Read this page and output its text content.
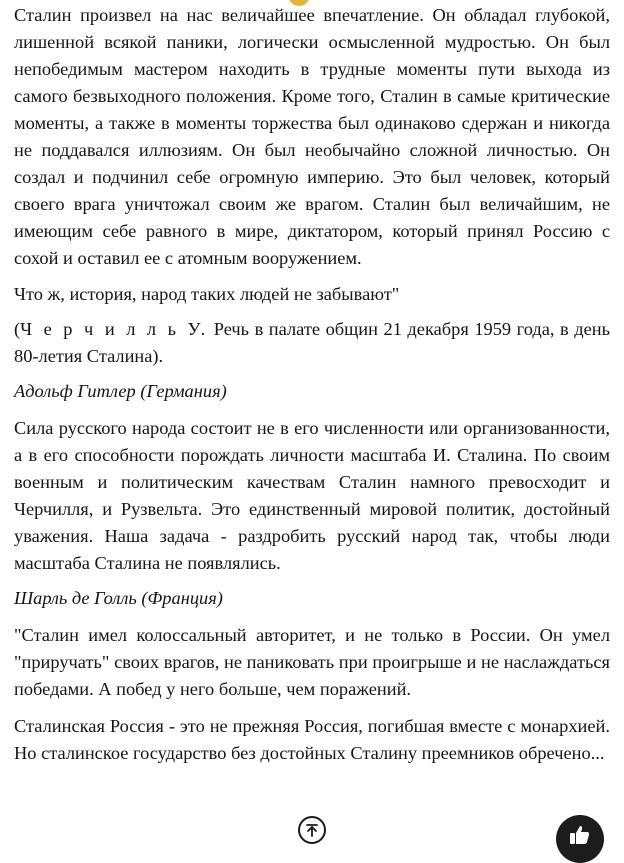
Сталин произвел на нас величайшее впечатление. Он обладал глубокой, лишенной всякой паники, логически осмысленной мудростью. Он был непобедимым мастером находить в трудные моменты пути выхода из самого безвыходного положения. Кроме того, Сталин в самые критические моменты, а также в моменты торжества был одинаково сдержан и никогда не поддавался иллюзиям. Он был необычайно сложной личностью. Он создал и подчинил себе огромную империю. Это был человек, который своего врага уничтожал своим же врагом. Сталин был величайшим, не имеющим себе равного в мире, диктатором, который принял Россию с сохой и оставил ее с атомным вооружением.

Что ж, история, народ таких людей не забывают"

(Ч е р ч и л л ь У. Речь в палате общин 21 декабря 1959 года, в день 80-летия Сталина).

Адольф Гитлер (Германия)

Сила русского народа состоит не в его численности или организованности, а в его способности порождать личности масштаба И. Сталина. По своим военным и политическим качествам Сталин намного превосходит и Черчилля, и Рузвельта. Это единственный мировой политик, достойный уважения. Наша задача - раздробить русский народ так, чтобы люди масштаба Сталина не появлялись.

Шарль де Голль (Франция)

"Сталин имел колоссальный авторитет, и не только в России. Он умел "приручать" своих врагов, не паниковать при проигрыше и не наслаждаться победами. А побед у него больше, чем поражений.

Сталинская Россия - это не прежняя Россия, погибшая вместе с монархией. Но сталинское государство без достойных Сталину преемников обречено...
